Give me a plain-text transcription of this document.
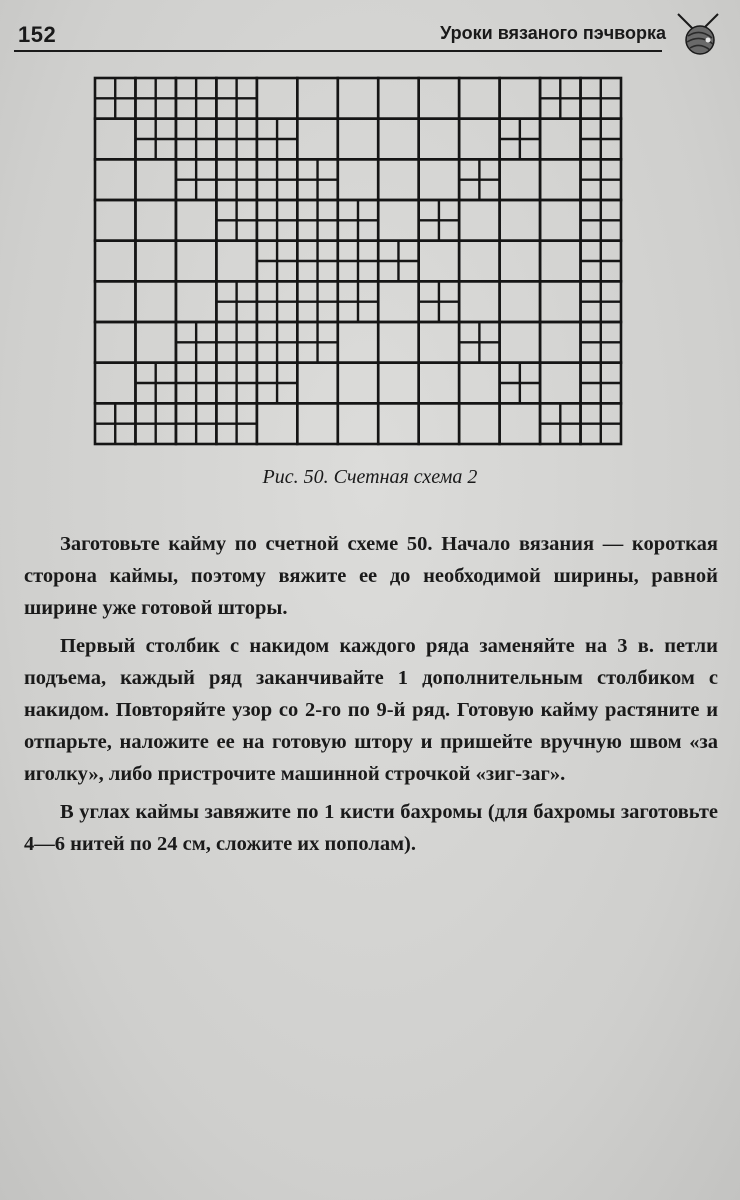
152	Уроки вязаного пэчворка
Рис. 50. Счетная схема 2

Заготовьте кайму по счетной схеме 50. Начало вязания — короткая сторона каймы, поэтому вяжите ее до необходимой ширины, равной ширине уже готовой шторы.

Первый столбик с накидом каждого ряда заменяйте на 3 в. петли подъема, каждый ряд заканчивайте 1 дополнительным столбиком с накидом. Повторяйте узор со 2-го по 9-й ряд. Готовую кайму растяните и отпарьте, наложите ее на готовую штору и пришейте вручную швом «за иголку», либо пристрочите машинной строчкой «зиг-заг».

В углах каймы завяжите по 1 кисти бахромы (для бахромы заготовьте 4—6 нитей по 24 см, сложите их пополам).
